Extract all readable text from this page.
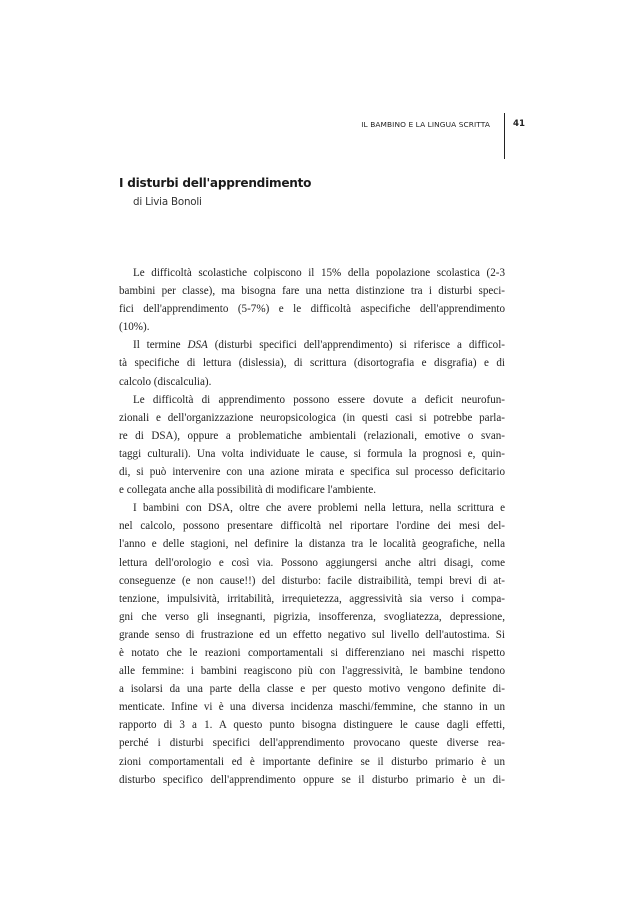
IL BAMBINO E LA LINGUA SCRITTA	41
I disturbi dell'apprendimento
di Livia Bonoli
Le difficoltà scolastiche colpiscono il 15% della popolazione scolastica (2-3
bambini per classe), ma bisogna fare una netta distinzione tra i disturbi speci-
fici dell'apprendimento (5-7%) e le difficoltà aspecifiche dell'apprendimento
(10%).
Il termine DSA (disturbi specifici dell'apprendimento) si riferisce a difficol-
tà specifiche di lettura (dislessia), di scrittura (disortografia e disgrafia) e di
calcolo (discalculia).
Le difficoltà di apprendimento possono essere dovute a deficit neurofun-
zionali e dell'organizzazione neuropsicologica (in questi casi si potrebbe parla-
re di DSA), oppure a problematiche ambientali (relazionali, emotive o svan-
taggi culturali). Una volta individuate le cause, si formula la prognosi e, quin-
di, si può intervenire con una azione mirata e specifica sul processo deficitario
e collegata anche alla possibilità di modificare l'ambiente.
I bambini con DSA, oltre che avere problemi nella lettura, nella scrittura e
nel calcolo, possono presentare difficoltà nel riportare l'ordine dei mesi del-
l'anno e delle stagioni, nel definire la distanza tra le località geografiche, nella
lettura dell'orologio e così via. Possono aggiungersi anche altri disagi, come
conseguenze (e non cause!!) del disturbo: facile distraibilità, tempi brevi di at-
tenzione, impulsività, irritabilità, irrequietezza, aggressività sia verso i compa-
gni che verso gli insegnanti, pigrizia, insofferenza, svogliatezza, depressione,
grande senso di frustrazione ed un effetto negativo sul livello dell'autostima. Si
è notato che le reazioni comportamentali si differenziano nei maschi rispetto
alle femmine: i bambini reagiscono più con l'aggressività, le bambine tendono
a isolarsi da una parte della classe e per questo motivo vengono definite di-
menticate. Infine vi è una diversa incidenza maschi/femmine, che stanno in un
rapporto di 3 a 1. A questo punto bisogna distinguere le cause dagli effetti,
perché i disturbi specifici dell'apprendimento provocano queste diverse rea-
zioni comportamentali ed è importante definire se il disturbo primario è un
disturbo specifico dell'apprendimento oppure se il disturbo primario è un di-
